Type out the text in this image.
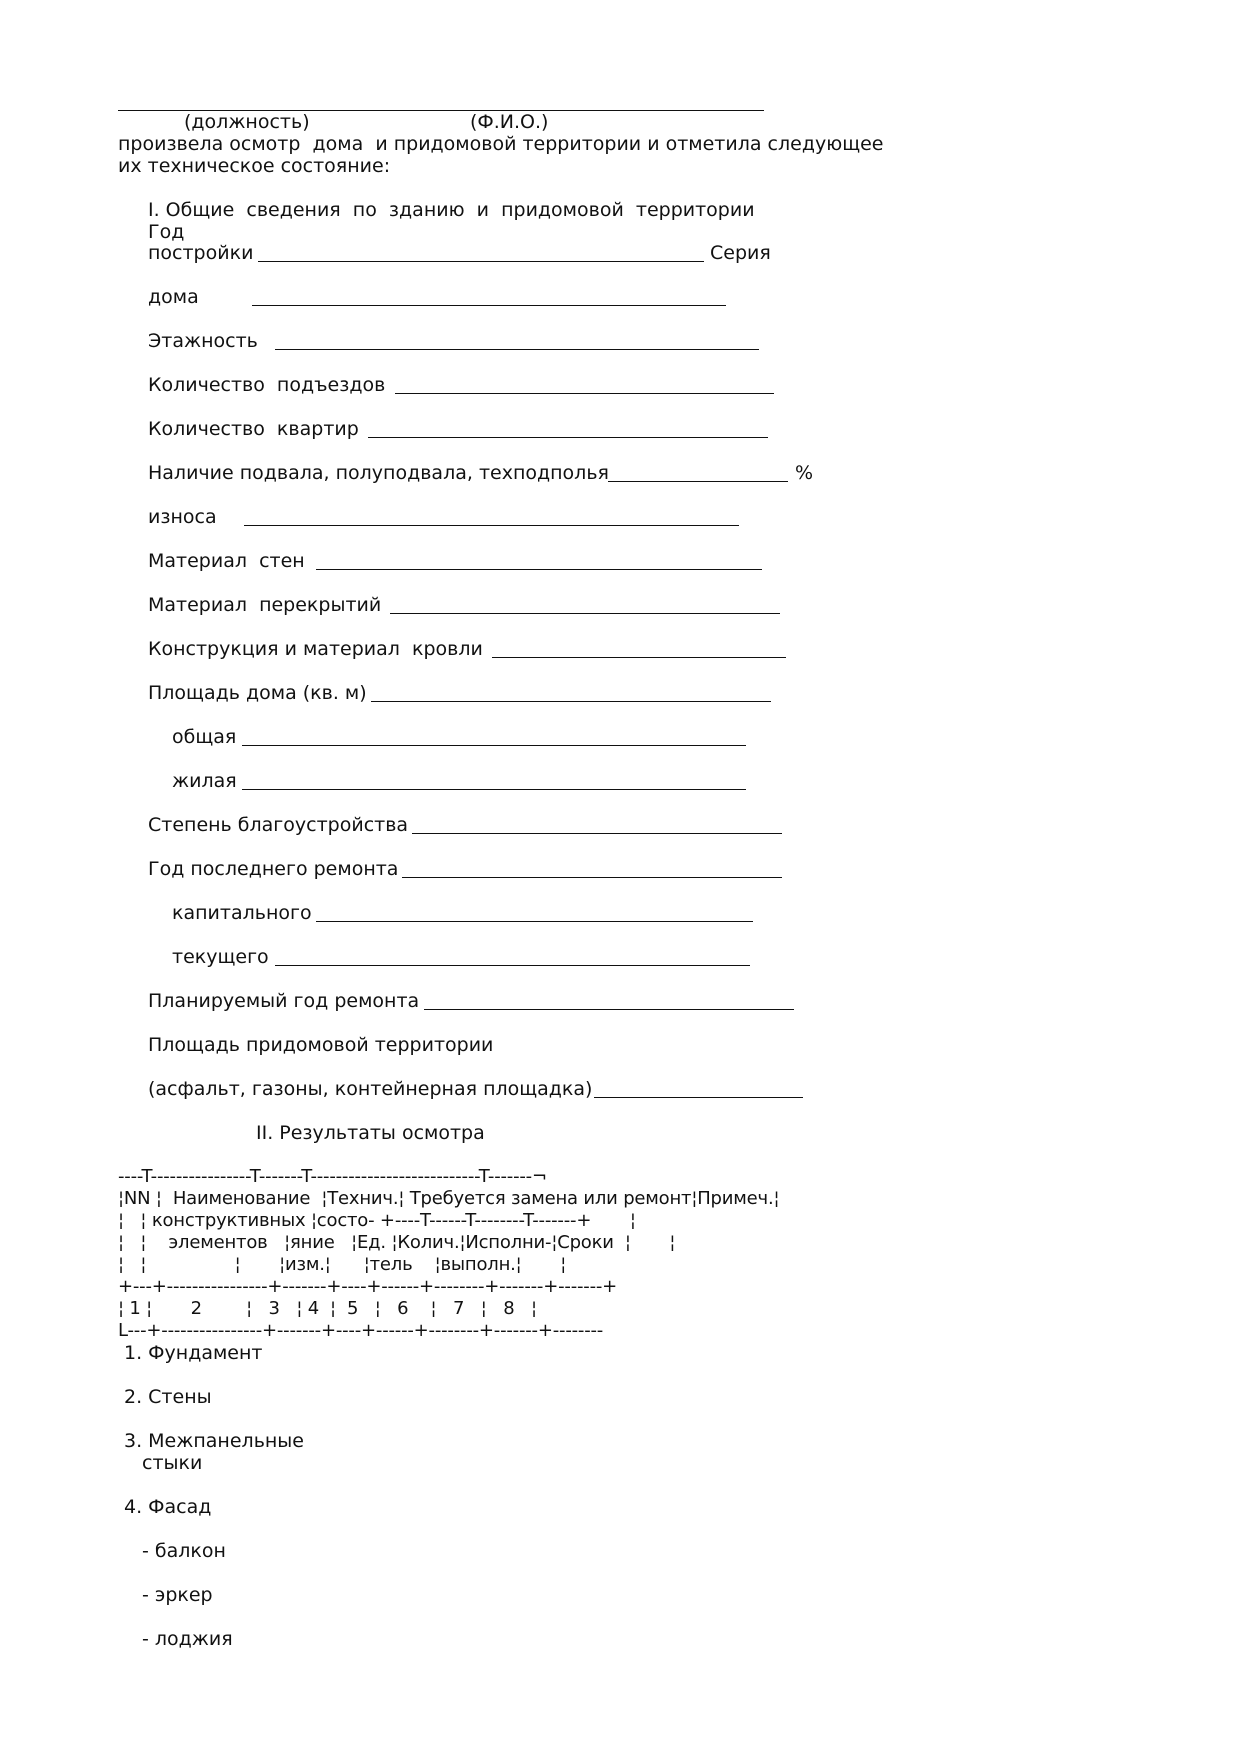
(должность)	(Ф.И.О.)
произвела осмотр  дома  и придомовой территории и отметила следующее
их техническое состояние:
I. Общие  сведения  по  зданию  и  придомовой  территории
Год
постройки	Серия
дома
Этажность
Количество  подъездов
Количество  квартир
Наличие подвала, полуподвала, техподполья	%
износа
Материал  стен
Материал  перекрытий
Конструкция и материал  кровли
Площадь дома (кв. м)
общая
жилая
Степень благоустройства
Год последнего ремонта
капитального
текущего
Планируемый год ремонта
Площадь придомовой территории
(асфальт, газоны, контейнерная площадка)
II. Результаты осмотра
----T----------------T-------T---------------------------T-------¬
¦NN ¦  Наименование  ¦Технич.¦ Требуется замена или ремонт¦Примеч.¦
¦   ¦ конструктивных ¦состо- +----T------T--------T-------+       ¦
¦   ¦    элементов   ¦яние   ¦Ед. ¦Колич.¦Исполни-¦Сроки  ¦       ¦
¦   ¦                ¦       ¦изм.¦      ¦тель    ¦выполн.¦       ¦
+---+----------------+-------+----+------+--------+-------+-------+
¦ 1 ¦       2        ¦   3   ¦ 4  ¦  5   ¦   6    ¦   7   ¦   8   ¦
L---+----------------+-------+----+------+--------+-------+--------
1. Фундамент
2. Стены
3. Межпанельные
стыки
4. Фасад
- балкон
- эркер
- лоджия
